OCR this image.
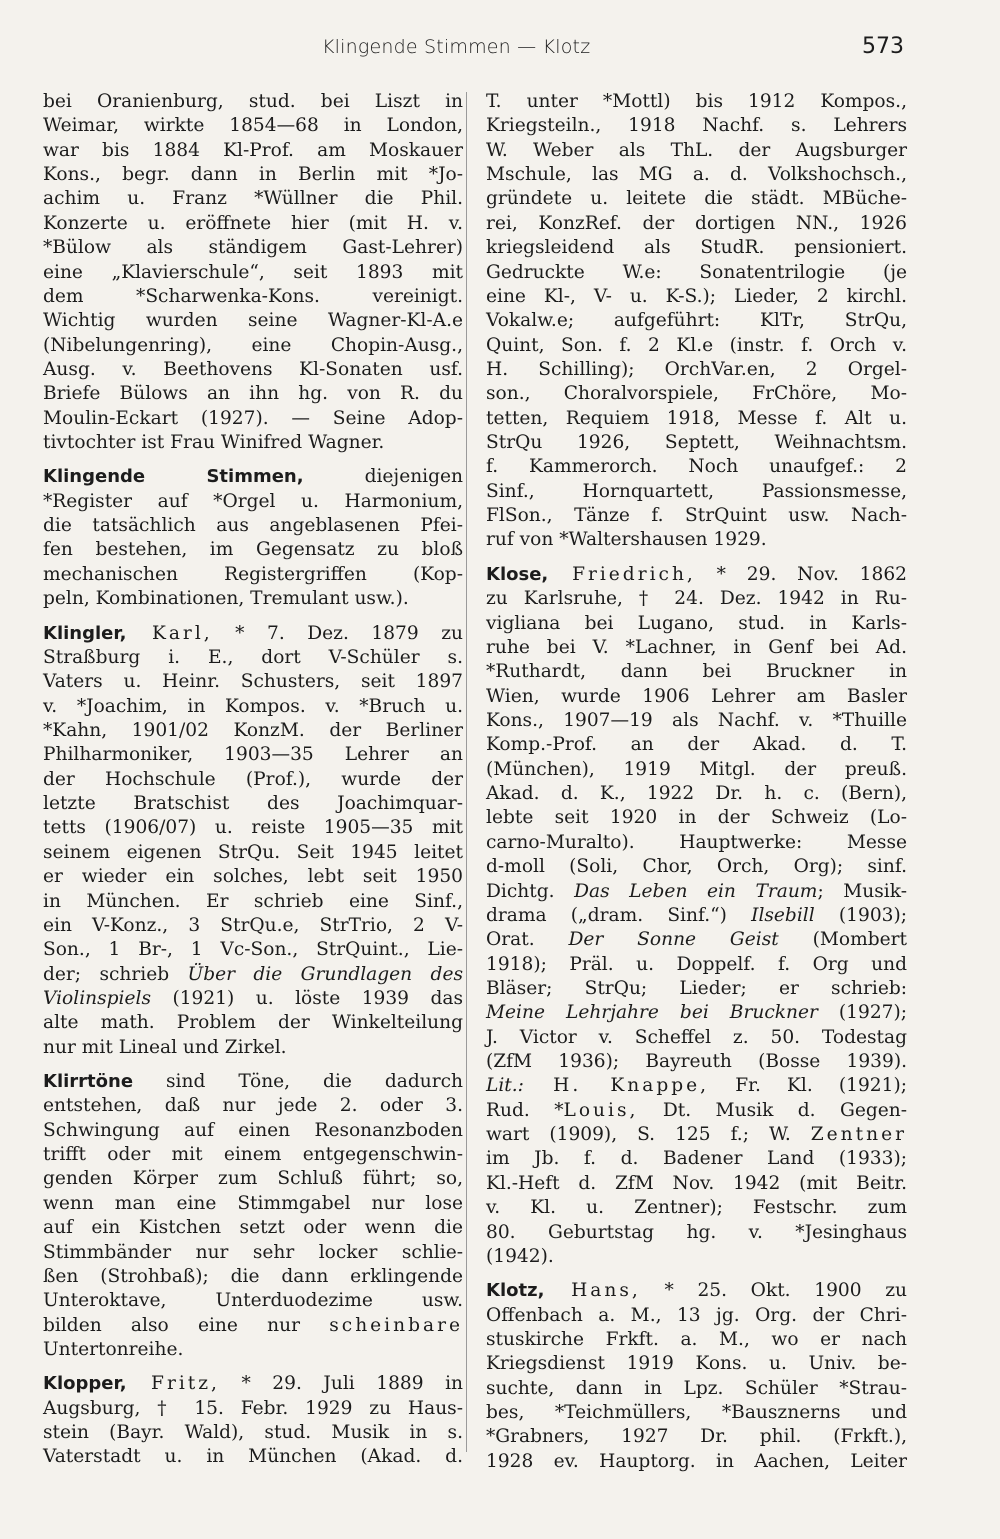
Klingende Stimmen — Klotz	573
bei Oranienburg, stud. bei Liszt in
Weimar, wirkte 1854—68 in London,
war bis 1884 Kl-Prof. am Moskauer
Kons., begr. dann in Berlin mit *Jo-
achim u. Franz *Wüllner die Phil.
Konzerte u. eröffnete hier (mit H. v.
*Bülow als ständigem Gast-Lehrer)
eine „Klavierschule“, seit 1893 mit
dem *Scharwenka-Kons. vereinigt.
Wichtig wurden seine Wagner-Kl-A.e
(Nibelungenring), eine Chopin-Ausg.,
Ausg. v. Beethovens Kl-Sonaten usf.
Briefe Bülows an ihn hg. von R. du
Moulin-Eckart (1927). — Seine Adop-
tivtochter ist Frau Winifred Wagner.
Klingende Stimmen, diejenigen
*Register auf *Orgel u. Harmonium,
die tatsächlich aus angeblasenen Pfei-
fen bestehen, im Gegensatz zu bloß
mechanischen Registergriffen (Kop-
peln, Kombinationen, Tremulant usw.).
Klingler, Karl, * 7. Dez. 1879 zu
Straßburg i. E., dort V-Schüler s.
Vaters u. Heinr. Schusters, seit 1897
v. *Joachim, in Kompos. v. *Bruch u.
*Kahn, 1901/02 KonzM. der Berliner
Philharmoniker, 1903—35 Lehrer an
der Hochschule (Prof.), wurde der
letzte Bratschist des Joachimquar-
tetts (1906/07) u. reiste 1905—35 mit
seinem eigenen StrQu. Seit 1945 leitet
er wieder ein solches, lebt seit 1950
in München. Er schrieb eine Sinf.,
ein V-Konz., 3 StrQu.e, StrTrio, 2 V-
Son., 1 Br-, 1 Vc-Son., StrQuint., Lie-
der; schrieb Über die Grundlagen des
Violinspiels (1921) u. löste 1939 das
alte math. Problem der Winkelteilung
nur mit Lineal und Zirkel.
Klirrtöne sind Töne, die dadurch
entstehen, daß nur jede 2. oder 3.
Schwingung auf einen Resonanzboden
trifft oder mit einem entgegenschwin-
genden Körper zum Schluß führt; so,
wenn man eine Stimmgabel nur lose
auf ein Kistchen setzt oder wenn die
Stimmbänder nur sehr locker schlie-
ßen (Strohbaß); die dann erklingende
Unteroktave, Unterduodezime usw.
bilden also eine nur scheinbare
Untertonreihe.
Klopper, Fritz, * 29. Juli 1889 in
Augsburg, † 15. Febr. 1929 zu Haus-
stein (Bayr. Wald), stud. Musik in s.
Vaterstadt u. in München (Akad. d.
T. unter *Mottl) bis 1912 Kompos.,
Kriegsteiln., 1918 Nachf. s. Lehrers
W. Weber als ThL. der Augsburger
Mschule, las MG a. d. Volkshochsch.,
gründete u. leitete die städt. MBüche-
rei, KonzRef. der dortigen NN., 1926
kriegsleidend als StudR. pensioniert.
Gedruckte W.e: Sonatentrilogie (je
eine Kl-, V- u. K-S.); Lieder, 2 kirchl.
Vokalw.e; aufgeführt: KlTr, StrQu,
Quint, Son. f. 2 Kl.e (instr. f. Orch v.
H. Schilling); OrchVar.en, 2 Orgel-
son., Choralvorspiele, FrChöre, Mo-
tetten, Requiem 1918, Messe f. Alt u.
StrQu 1926, Septett, Weihnachtsm.
f. Kammerorch. Noch unaufgef.: 2
Sinf., Hornquartett, Passionsmesse,
FlSon., Tänze f. StrQuint usw. Nach-
ruf von *Waltershausen 1929.
Klose, Friedrich, * 29. Nov. 1862
zu Karlsruhe, † 24. Dez. 1942 in Ru-
vigliana bei Lugano, stud. in Karls-
ruhe bei V. *Lachner, in Genf bei Ad.
*Ruthardt, dann bei Bruckner in
Wien, wurde 1906 Lehrer am Basler
Kons., 1907—19 als Nachf. v. *Thuille
Komp.-Prof. an der Akad. d. T.
(München), 1919 Mitgl. der preuß.
Akad. d. K., 1922 Dr. h. c. (Bern),
lebte seit 1920 in der Schweiz (Lo-
carno-Muralto). Hauptwerke: Messe
d-moll (Soli, Chor, Orch, Org); sinf.
Dichtg. Das Leben ein Traum; Musik-
drama („dram. Sinf.“) Ilsebill (1903);
Orat. Der Sonne Geist (Mombert
1918); Präl. u. Doppelf. f. Org und
Bläser; StrQu; Lieder; er schrieb:
Meine Lehrjahre bei Bruckner (1927);
J. Victor v. Scheffel z. 50. Todestag
(ZfM 1936); Bayreuth (Bosse 1939).
Lit.: H. Knappe, Fr. Kl. (1921);
Rud. *Louis, Dt. Musik d. Gegen-
wart (1909), S. 125 f.; W. Zentner
im Jb. f. d. Badener Land (1933);
Kl.-Heft d. ZfM Nov. 1942 (mit Beitr.
v. Kl. u. Zentner); Festschr. zum
80. Geburtstag hg. v. *Jesinghaus
(1942).
Klotz, Hans, * 25. Okt. 1900 zu
Offenbach a. M., 13 jg. Org. der Chri-
stuskirche Frkft. a. M., wo er nach
Kriegsdienst 1919 Kons. u. Univ. be-
suchte, dann in Lpz. Schüler *Strau-
bes, *Teichmüllers, *Bausznerns und
*Grabners, 1927 Dr. phil. (Frkft.),
1928 ev. Hauptorg. in Aachen, Leiter
